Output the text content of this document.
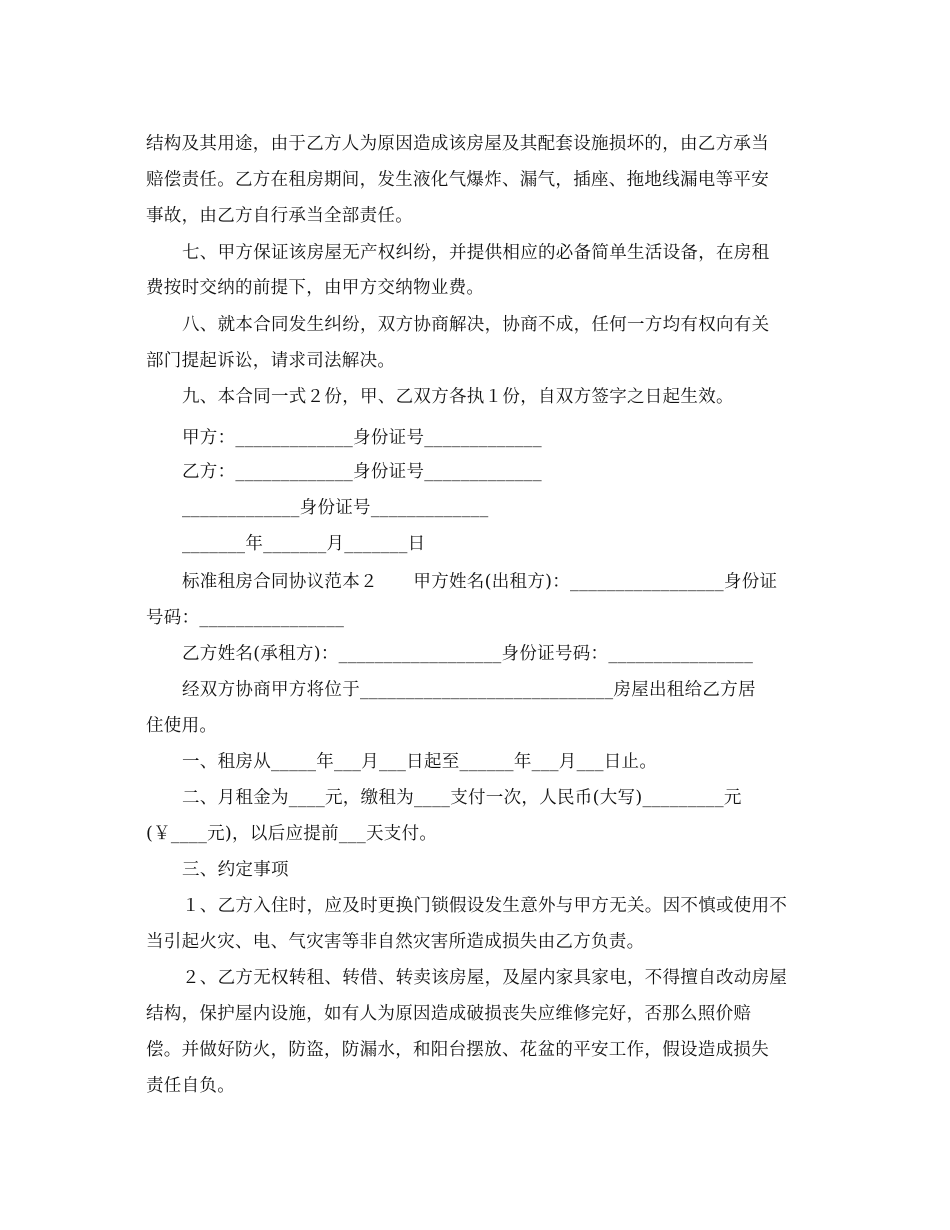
结构及其用途，由于乙方人为原因造成该房屋及其配套设施损坏的，由乙方承当
赔偿责任。乙方在租房期间，发生液化气爆炸、漏气，插座、拖地线漏电等平安
事故，由乙方自行承当全部责任。
七、甲方保证该房屋无产权纠纷，并提供相应的必备简单生活设备，在房租
费按时交纳的前提下，由甲方交纳物业费。
八、就本合同发生纠纷，双方协商解决，协商不成，任何一方均有权向有关
部门提起诉讼，请求司法解决。
九、本合同一式２份，甲、乙双方各执１份，自双方签字之日起生效。
甲方：_____________身份证号_____________
乙方：_____________身份证号_____________
_____________身份证号_____________
_______年_______月_______日
标准租房合同协议范本２　　甲方姓名(出租方)：_________________身份证
号码：________________
乙方姓名(承租方)：__________________身份证号码：________________
经双方协商甲方将位于____________________________房屋出租给乙方居
住使用。
一、租房从_____年___月___日起至______年___月___日止。
二、月租金为____元，缴租为____支付一次，人民币(大写)_________元
(￥____元)，以后应提前___天支付。
三、约定事项
１、乙方入住时，应及时更换门锁假设发生意外与甲方无关。因不慎或使用不
当引起火灾、电、气灾害等非自然灾害所造成损失由乙方负责。
２、乙方无权转租、转借、转卖该房屋，及屋内家具家电，不得擅自改动房屋
结构，保护屋内设施，如有人为原因造成破损丧失应维修完好，否那么照价赔
偿。并做好防火，防盗，防漏水，和阳台摆放、花盆的平安工作，假设造成损失
责任自负。
